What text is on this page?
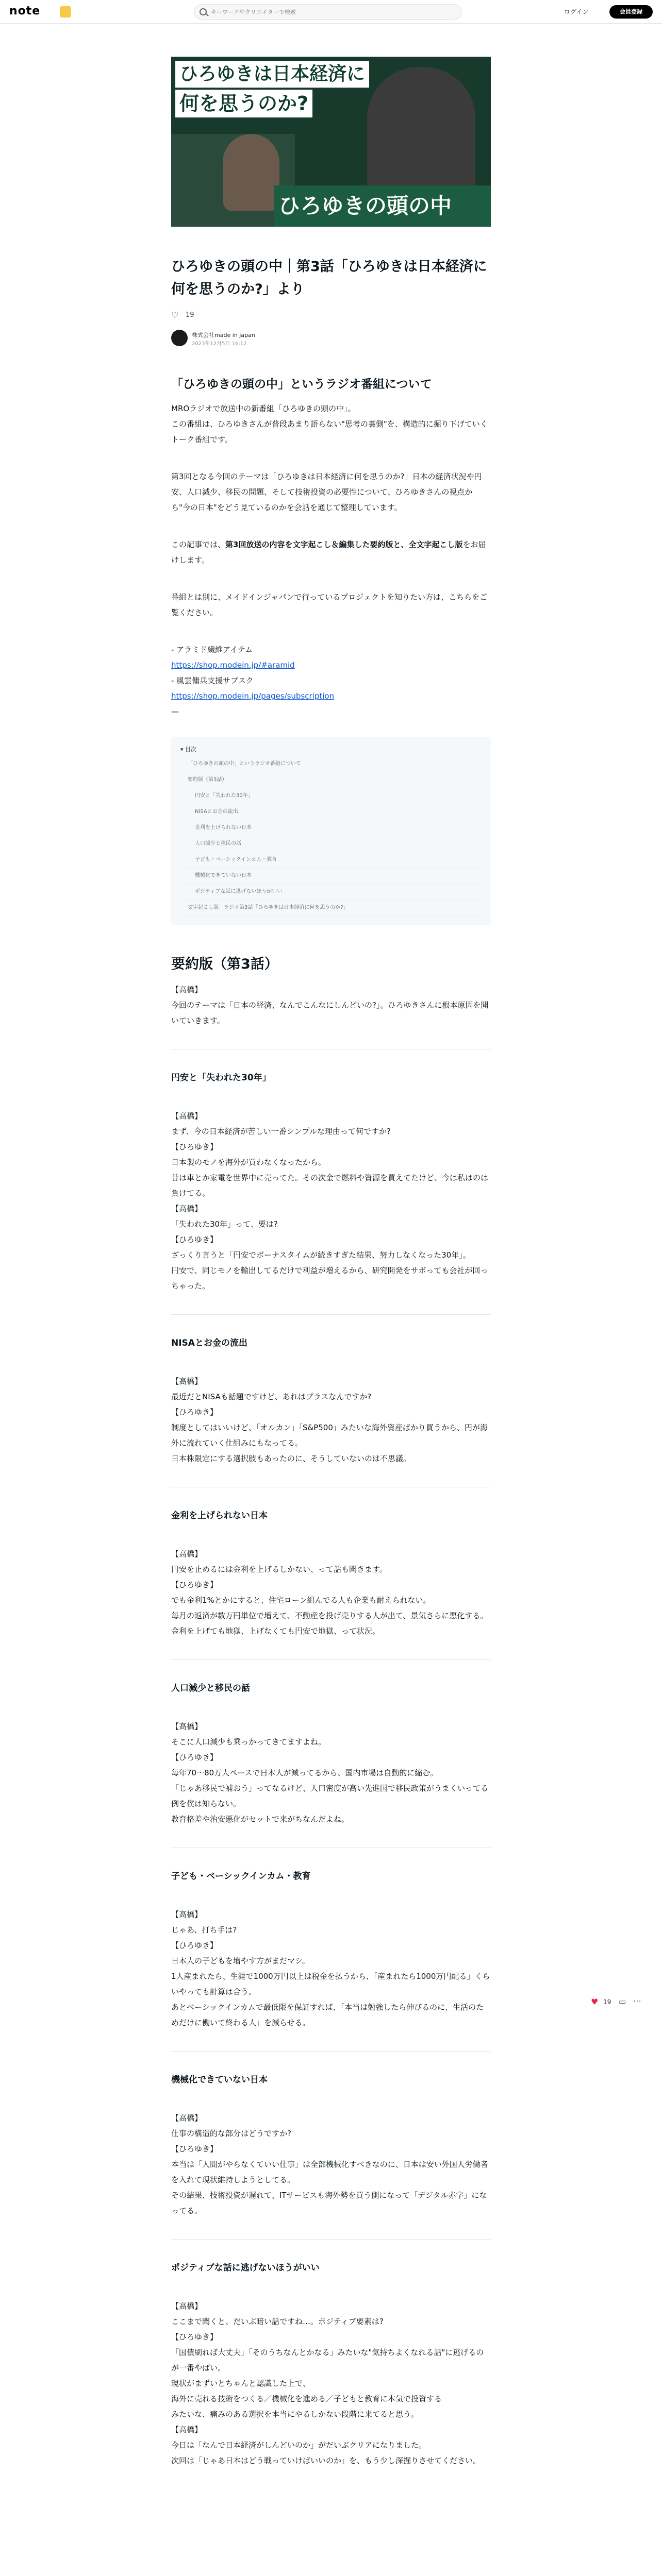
note
キーワードやクリエイターで検索	ログイン	会員登録
ひろゆきは日本経済に
何を思うのか?
ひろゆきの頭の中
ひろゆきの頭の中｜第3話「ひろゆきは日本経済に何を思うのか?」より
♡ 19
株式会社made in japan
2023年12月5日 16:12
「ひろゆきの頭の中」というラジオ番組について
MROラジオで放送中の新番組「ひろゆきの頭の中」。
この番組は、ひろゆきさんが普段あまり語らない"思考の裏側"を、構造的に掘り下げていくトーク番組です。
第3回となる今回のテーマは「ひろゆきは日本経済に何を思うのか?」日本の経済状況や円安、人口減少、移民の問題、そして技術投資の必要性について、ひろゆきさんの視点から"今の日本"をどう見ているのかを会話を通じて整理しています。
この記事では、第3回放送の内容を文字起こし＆編集した要約版と、全文字起こし版をお届けします。
番組とは別に、メイドインジャパンで行っているプロジェクトを知りたい方は、こちらをご覧ください。
- アラミド繊維アイテム
https://shop.modein.jp/#aramid
- 風雲傭兵支援サブスク
https://shop.modein.jp/pages/subscription
—
▾ 目次
「ひろゆきの頭の中」というラジオ番組について
要約版（第3話）
円安と「失われた30年」
NISAとお金の流出
金利を上げられない日本
人口減少と移民の話
子ども・ベーシックインカム・教育
機械化できていない日本
ポジティブな話に逃げないほうがいい
文字起こし版：ラジオ第3話「ひろゆきは日本経済に何を思うのか?」
要約版（第3話）
【高橋】
今回のテーマは「日本の経済、なんでこんなにしんどいの?」。ひろゆきさんに根本原因を聞いていきます。
円安と「失われた30年」
【高橋】
まず、今の日本経済が苦しい一番シンプルな理由って何ですか?
【ひろゆき】
日本製のモノを海外が買わなくなったから。
昔は車とか家電を世界中に売ってた。その次金で燃料や資源を買えてたけど、今は私はのは負けてる。
【高橋】
「失われた30年」って、要は?
【ひろゆき】
ざっくり言うと「円安でボーナスタイムが続きすぎた結果、努力しなくなった30年」。
円安で、同じモノを輸出してるだけで利益が増えるから、研究開発をサボっても会社が回っちゃった。
NISAとお金の流出
【高橋】
最近だとNISAも話題ですけど、あれはプラスなんですか?
【ひろゆき】
制度としてはいいけど、「オルカン」「S&P500」みたいな海外資産ばかり買うから、円が海外に流れていく仕組みにもなってる。
日本株限定にする選択肢もあったのに、そうしていないのは不思議。
金利を上げられない日本
【高橋】
円安を止めるには金利を上げるしかない、って話も聞きます。
【ひろゆき】
でも金利1%とかにすると、住宅ローン組んでる人も企業も耐えられない。
毎月の返済が数万円単位で増えて、不動産を投げ売りする人が出て、景気さらに悪化する。
金利を上げても地獄、上げなくても円安で地獄、って状況。
人口減少と移民の話
【高橋】
そこに人口減少も乗っかってきてますよね。
【ひろゆき】
毎年70〜80万人ペースで日本人が減ってるから、国内市場は自動的に縮む。
「じゃあ移民で補おう」ってなるけど、人口密度が高い先進国で移民政策がうまくいってる例を僕は知らない。
教育格差や治安悪化がセットで来がちなんだよね。
子ども・ベーシックインカム・教育
【高橋】
じゃあ、打ち手は?
【ひろゆき】
日本人の子どもを増やす方がまだマシ。
1人産まれたら、生涯で1000万円以上は税金を払うから、「産まれたら1000万円配る」くらいやっても計算は合う。
あとベーシックインカムで最低限を保証すれば、「本当は勉強したら伸びるのに、生活のためだけに働いて終わる人」を減らせる。
機械化できていない日本
【高橋】
仕事の構造的な部分はどうですか?
【ひろゆき】
本当は「人間がやらなくていい仕事」は全部機械化すべきなのに、日本は安い外国人労働者を入れて現状維持しようとしてる。
その結果、技術投資が遅れて、ITサービスも海外勢を買う側になって「デジタル赤字」になってる。
ポジティブな話に逃げないほうがいい
【高橋】
ここまで聞くと、だいぶ暗い話ですね…。ポジティブ要素は?
【ひろゆき】
「国債刷れば大丈夫」「そのうちなんとかなる」みたいな"気持ちよくなれる話"に逃げるのが一番やばい。
現状がまずいとちゃんと認識した上で、
海外に売れる技術をつくる／機械化を進める／子どもと教育に本気で投資する
みたいな、痛みのある選択を本当にやるしかない段階に来てると思う。
【高橋】
今日は「なんで日本経済がしんどいのか」がだいぶクリアになりました。
次回は「じゃあ日本はどう戦っていけばいいのか」を、もう少し深掘りさせてください。
♥ 19 ▭ ⋯
